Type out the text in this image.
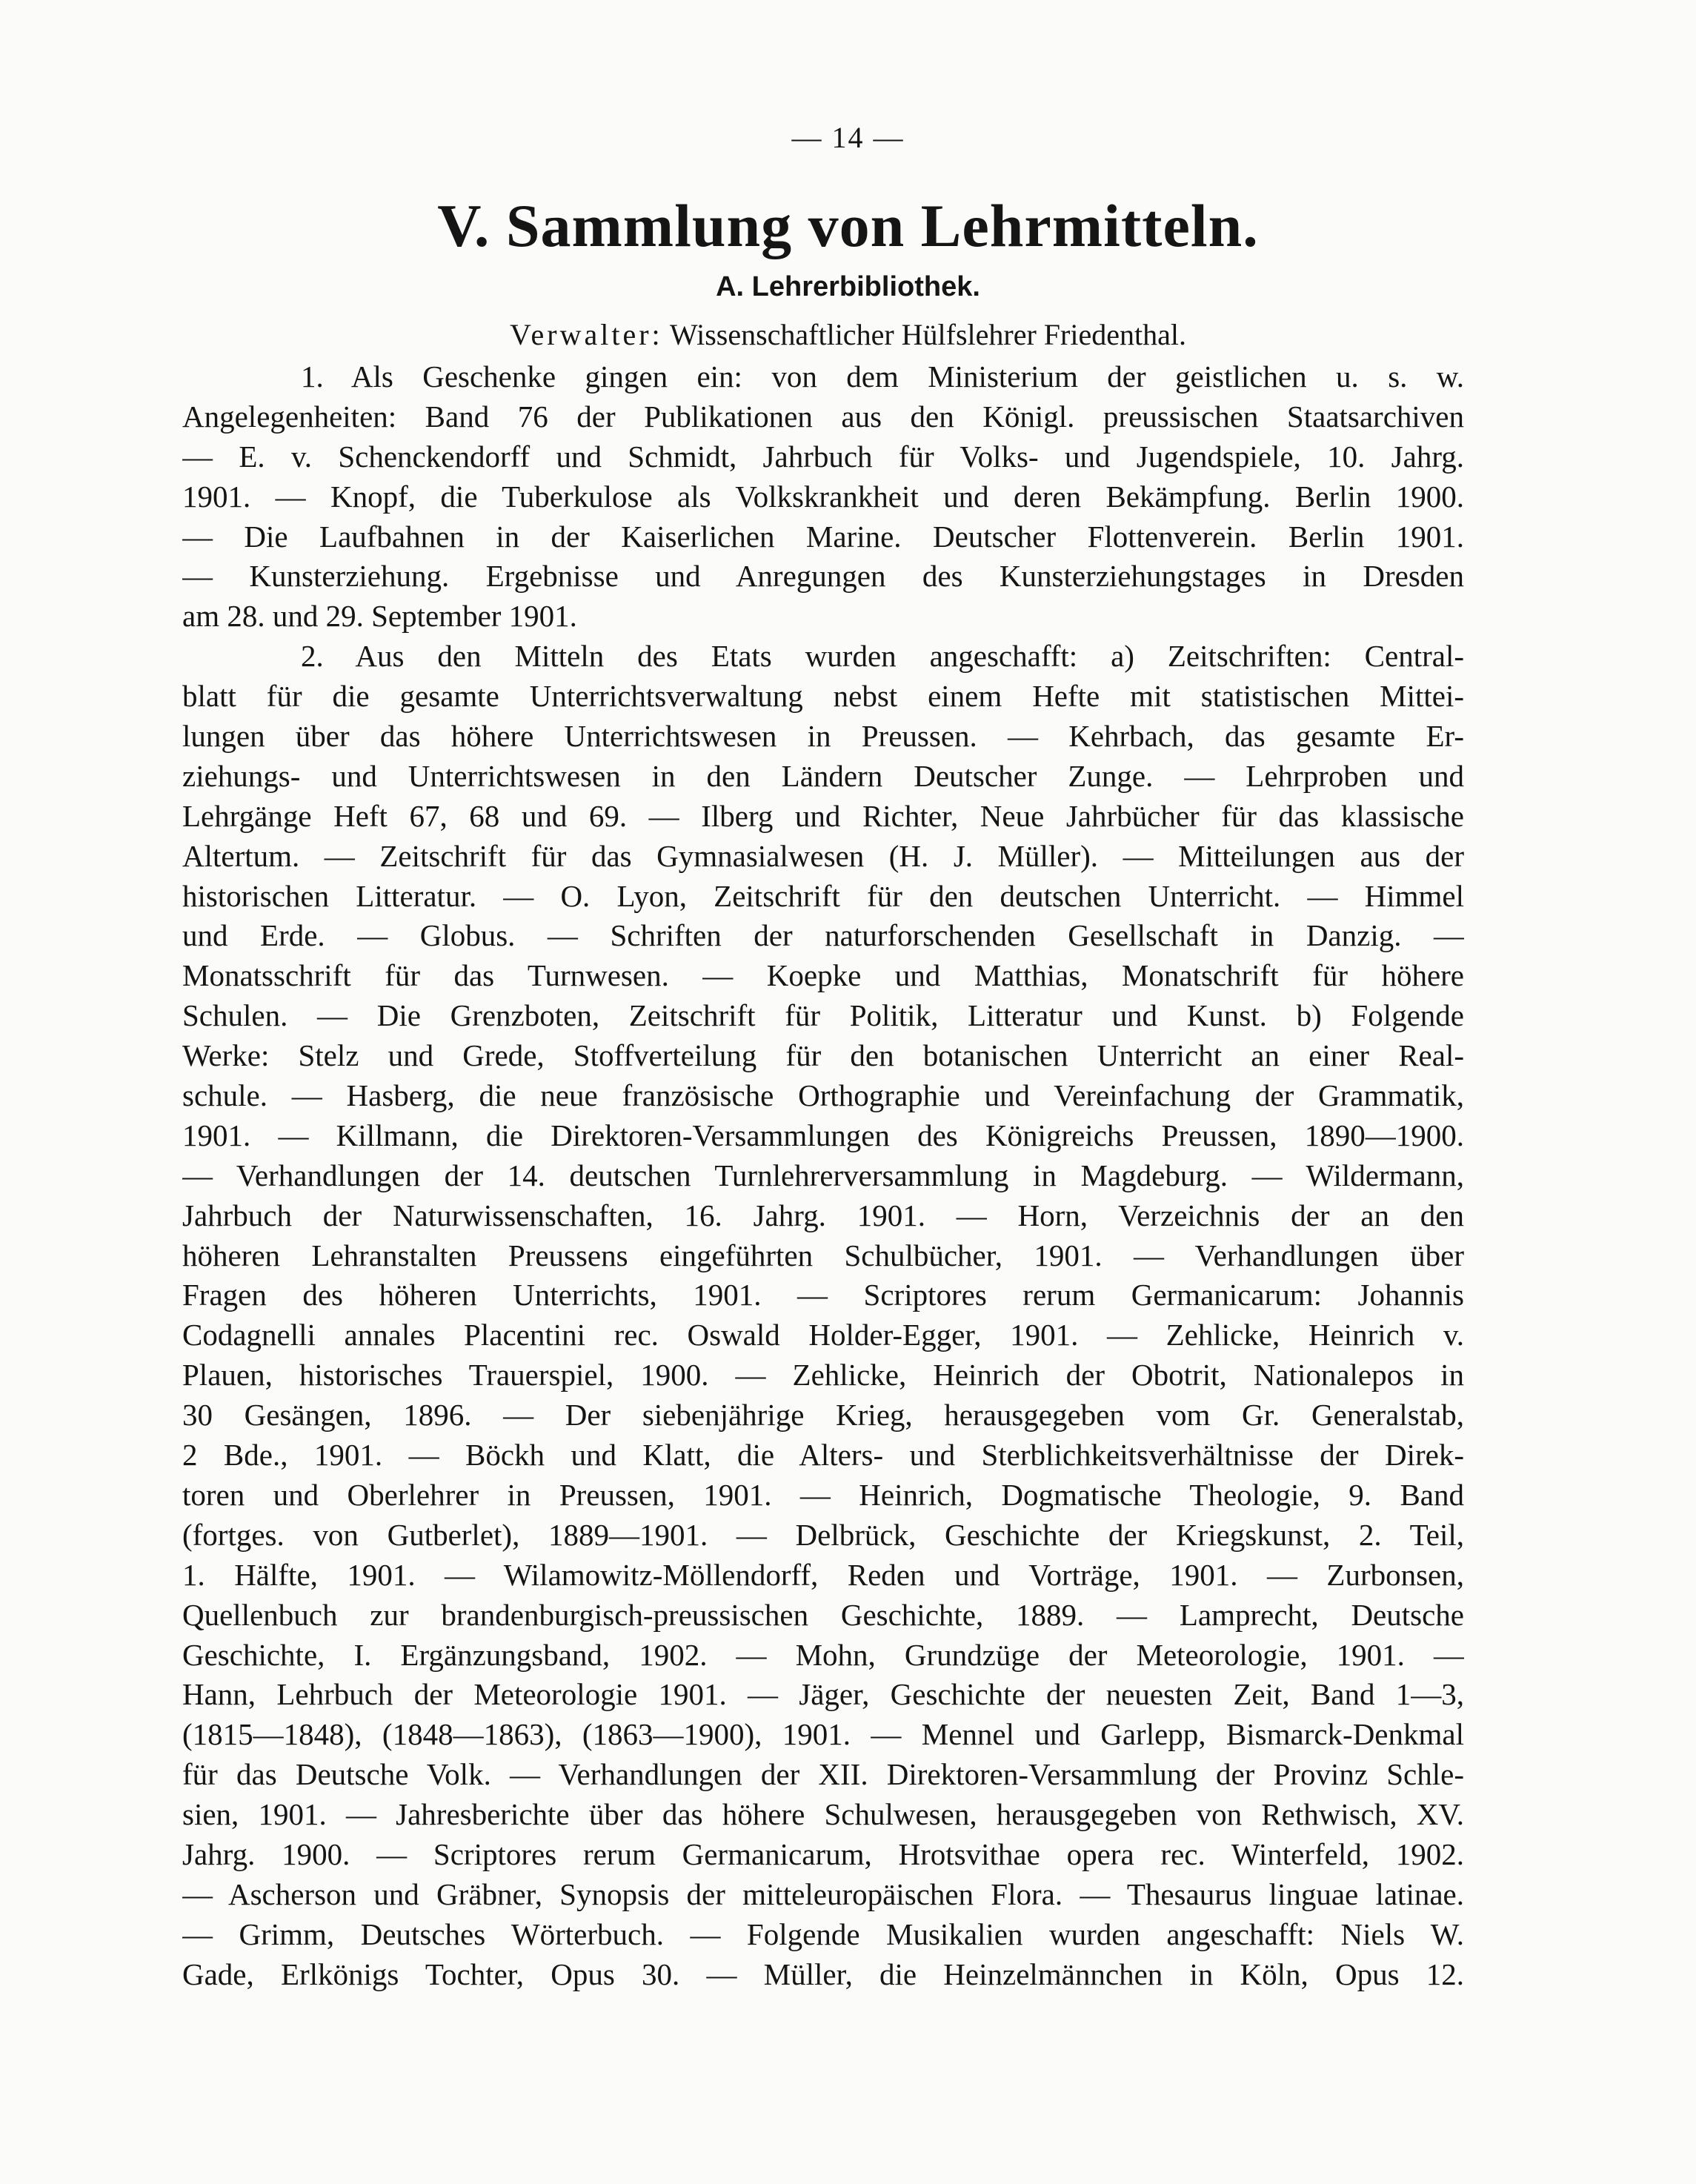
— 14 —
V. Sammlung von Lehrmitteln.
A. Lehrerbibliothek.
Verwalter: Wissenschaftlicher Hülfslehrer Friedenthal.
1. Als Geschenke gingen ein: von dem Ministerium der geistlichen u. s. w.
Angelegenheiten: Band 76 der Publikationen aus den Königl. preussischen Staatsarchiven
— E. v. Schenckendorff und Schmidt, Jahrbuch für Volks- und Jugendspiele, 10. Jahrg.
1901. — Knopf, die Tuberkulose als Volkskrankheit und deren Bekämpfung. Berlin 1900.
— Die Laufbahnen in der Kaiserlichen Marine. Deutscher Flottenverein. Berlin 1901.
— Kunsterziehung. Ergebnisse und Anregungen des Kunsterziehungstages in Dresden
am 28. und 29. September 1901.
2. Aus den Mitteln des Etats wurden angeschafft: a) Zeitschriften: Central-
blatt für die gesamte Unterrichtsverwaltung nebst einem Hefte mit statistischen Mittei-
lungen über das höhere Unterrichtswesen in Preussen. — Kehrbach, das gesamte Er-
ziehungs- und Unterrichtswesen in den Ländern Deutscher Zunge. — Lehrproben und
Lehrgänge Heft 67, 68 und 69. — Ilberg und Richter, Neue Jahrbücher für das klassische
Altertum. — Zeitschrift für das Gymnasialwesen (H. J. Müller). — Mitteilungen aus der
historischen Litteratur. — O. Lyon, Zeitschrift für den deutschen Unterricht. — Himmel
und Erde. — Globus. — Schriften der naturforschenden Gesellschaft in Danzig. —
Monatsschrift für das Turnwesen. — Koepke und Matthias, Monatschrift für höhere
Schulen. — Die Grenzboten, Zeitschrift für Politik, Litteratur und Kunst. b) Folgende
Werke: Stelz und Grede, Stoffverteilung für den botanischen Unterricht an einer Real-
schule. — Hasberg, die neue französische Orthographie und Vereinfachung der Grammatik,
1901. — Killmann, die Direktoren-Versammlungen des Königreichs Preussen, 1890—1900.
— Verhandlungen der 14. deutschen Turnlehrerversammlung in Magdeburg. — Wildermann,
Jahrbuch der Naturwissenschaften, 16. Jahrg. 1901. — Horn, Verzeichnis der an den
höheren Lehranstalten Preussens eingeführten Schulbücher, 1901. — Verhandlungen über
Fragen des höheren Unterrichts, 1901. — Scriptores rerum Germanicarum: Johannis
Codagnelli annales Placentini rec. Oswald Holder-Egger, 1901. — Zehlicke, Heinrich v.
Plauen, historisches Trauerspiel, 1900. — Zehlicke, Heinrich der Obotrit, Nationalepos in
30 Gesängen, 1896. — Der siebenjährige Krieg, herausgegeben vom Gr. Generalstab,
2 Bde., 1901. — Böckh und Klatt, die Alters- und Sterblichkeitsverhältnisse der Direk-
toren und Oberlehrer in Preussen, 1901. — Heinrich, Dogmatische Theologie, 9. Band
(fortges. von Gutberlet), 1889—1901. — Delbrück, Geschichte der Kriegskunst, 2. Teil,
1. Hälfte, 1901. — Wilamowitz-Möllendorff, Reden und Vorträge, 1901. — Zurbonsen,
Quellenbuch zur brandenburgisch-preussischen Geschichte, 1889. — Lamprecht, Deutsche
Geschichte, I. Ergänzungsband, 1902. — Mohn, Grundzüge der Meteorologie, 1901. —
Hann, Lehrbuch der Meteorologie 1901. — Jäger, Geschichte der neuesten Zeit, Band 1—3,
(1815—1848), (1848—1863), (1863—1900), 1901. — Mennel und Garlepp, Bismarck-Denkmal
für das Deutsche Volk. — Verhandlungen der XII. Direktoren-Versammlung der Provinz Schle-
sien, 1901. — Jahresberichte über das höhere Schulwesen, herausgegeben von Rethwisch, XV.
Jahrg. 1900. — Scriptores rerum Germanicarum, Hrotsvithae opera rec. Winterfeld, 1902.
— Ascherson und Gräbner, Synopsis der mitteleuropäischen Flora. — Thesaurus linguae latinae.
— Grimm, Deutsches Wörterbuch. — Folgende Musikalien wurden angeschafft: Niels W.
Gade, Erlkönigs Tochter, Opus 30. — Müller, die Heinzelmännchen in Köln, Opus 12.
